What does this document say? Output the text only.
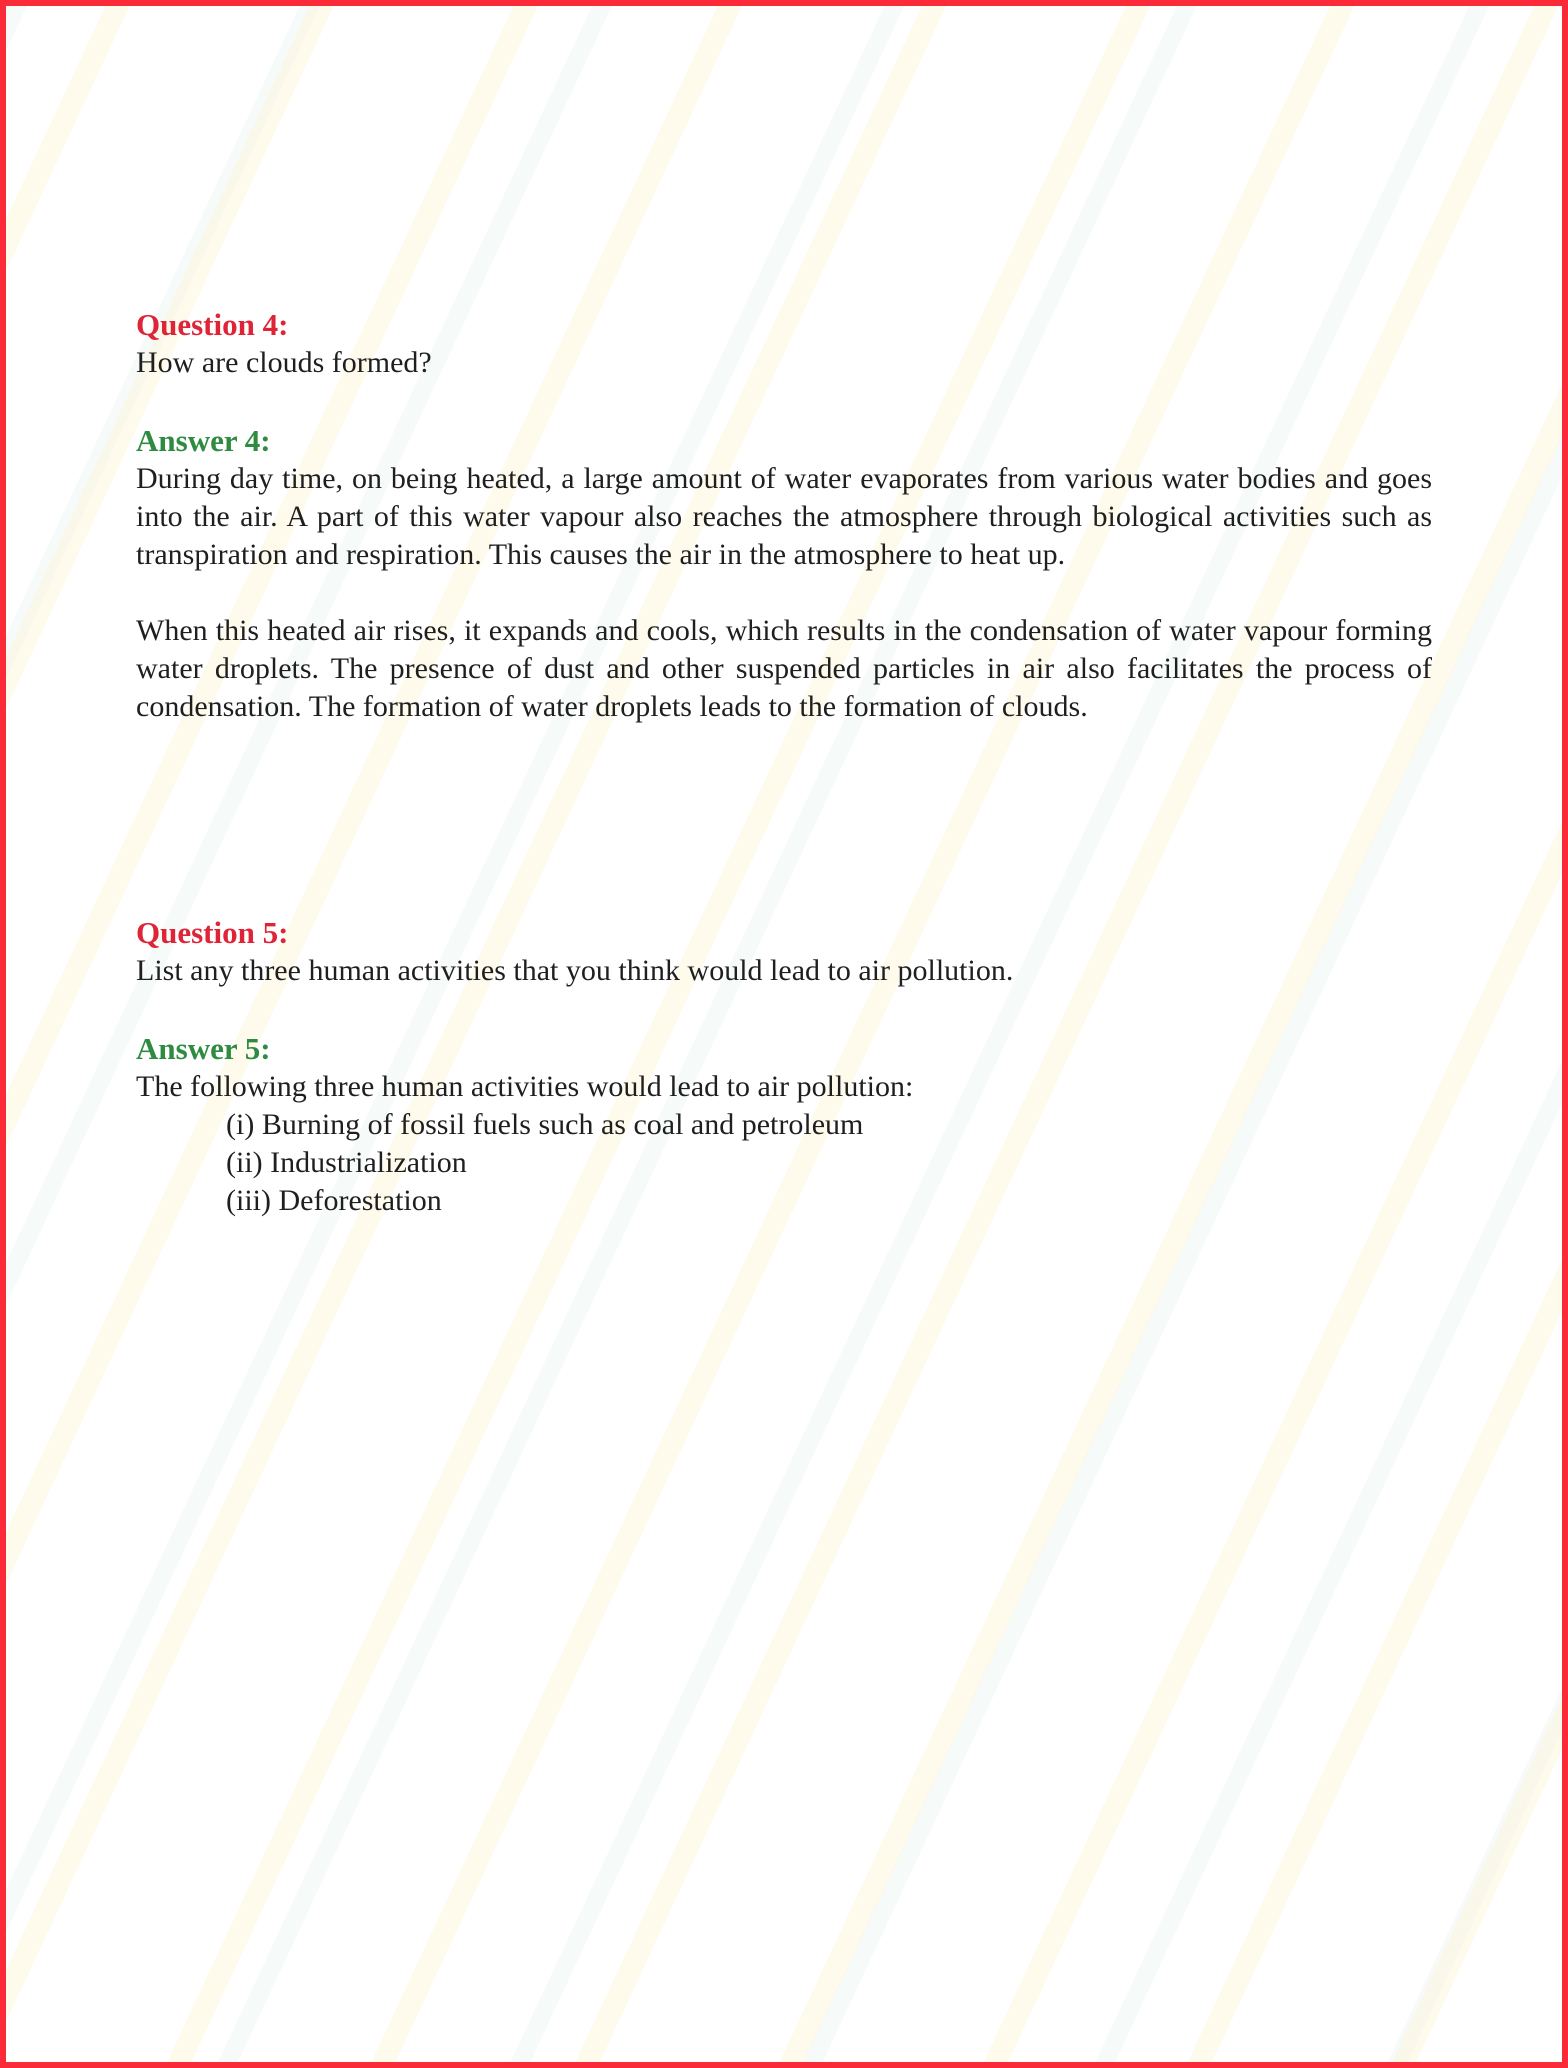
Question 4:

How are clouds formed?

Answer 4:

During day time, on being heated, a large amount of water evaporates from various water bodies and goes into the air. A part of this water vapour also reaches the atmosphere through biological activities such as transpiration and respiration. This causes the air in the atmosphere to heat up.

When this heated air rises, it expands and cools, which results in the condensation of water vapour forming water droplets. The presence of dust and other suspended particles in air also facilitates the process of condensation. The formation of water droplets leads to the formation of clouds.

Question 5:

List any three human activities that you think would lead to air pollution.

Answer 5:

The following three human activities would lead to air pollution:

(i) Burning of fossil fuels such as coal and petroleum
(ii) Industrialization
(iii) Deforestation
